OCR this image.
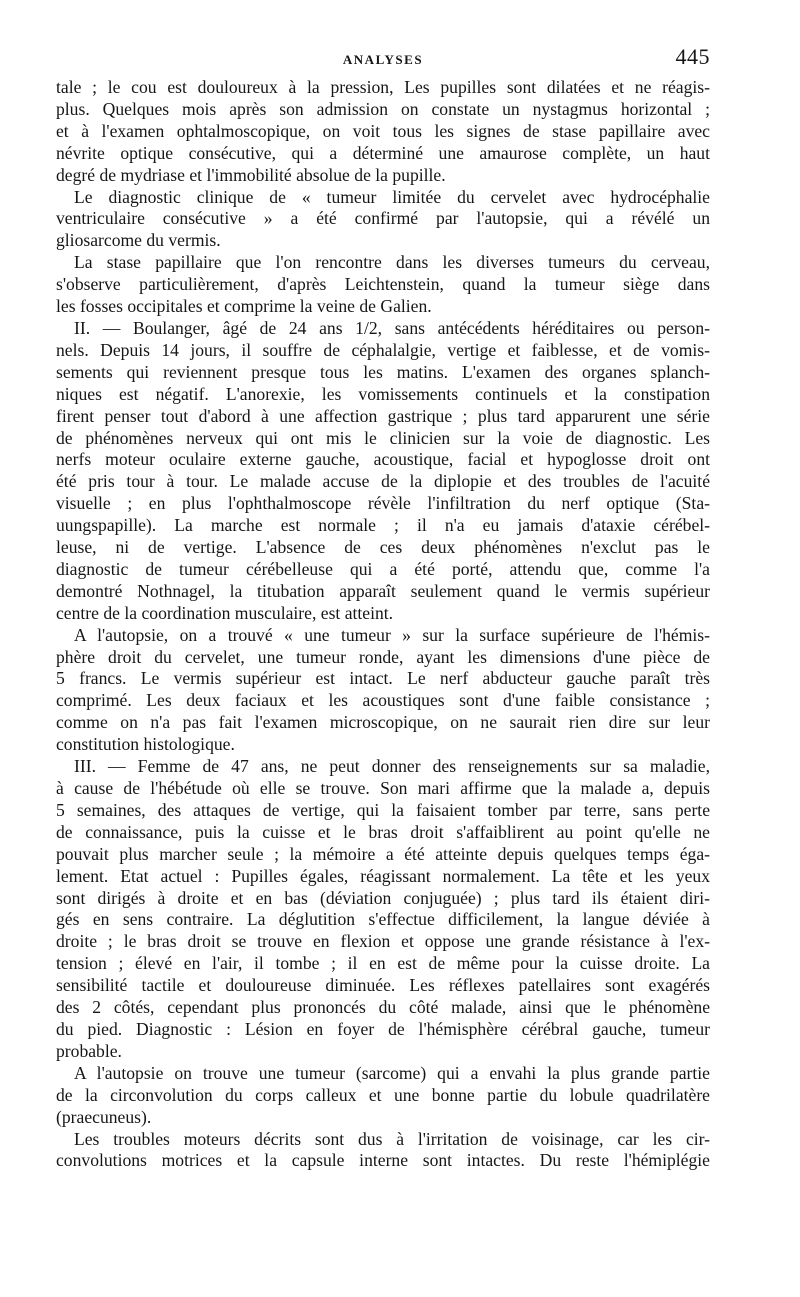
ANALYSES	445
tale ; le cou est douloureux à la pression, Les pupilles sont dilatées et ne réagis-
plus. Quelques mois après son admission on constate un nystagmus horizontal ;
et à l'examen ophtalmoscopique, on voit tous les signes de stase papillaire avec
névrite optique consécutive, qui a déterminé une amaurose complète, un haut
degré de mydriase et l'immobilité absolue de la pupille.
Le diagnostic clinique de « tumeur limitée du cervelet avec hydrocéphalie
ventriculaire consécutive » a été confirmé par l'autopsie, qui a révélé un
gliosarcome du vermis.
La stase papillaire que l'on rencontre dans les diverses tumeurs du cerveau,
s'observe particulièrement, d'après Leichtenstein, quand la tumeur siège dans
les fosses occipitales et comprime la veine de Galien.
II. — Boulanger, âgé de 24 ans 1/2, sans antécédents héréditaires ou person-
nels. Depuis 14 jours, il souffre de céphalalgie, vertige et faiblesse, et de vomis-
sements qui reviennent presque tous les matins. L'examen des organes splanch-
niques est négatif. L'anorexie, les vomissements continuels et la constipation
firent penser tout d'abord à une affection gastrique ; plus tard apparurent une série
de phénomènes nerveux qui ont mis le clinicien sur la voie de diagnostic. Les
nerfs moteur oculaire externe gauche, acoustique, facial et hypoglosse droit ont
été pris tour à tour. Le malade accuse de la diplopie et des troubles de l'acuité
visuelle ; en plus l'ophthalmoscope révèle l'infiltration du nerf optique (Sta-
uungspapille). La marche est normale ; il n'a eu jamais d'ataxie cérébel-
leuse, ni de vertige. L'absence de ces deux phénomènes n'exclut pas le
diagnostic de tumeur cérébelleuse qui a été porté, attendu que, comme l'a
demontré Nothnagel, la titubation apparaît seulement quand le vermis supérieur
centre de la coordination musculaire, est atteint.
A l'autopsie, on a trouvé « une tumeur » sur la surface supérieure de l'hémis-
phère droit du cervelet, une tumeur ronde, ayant les dimensions d'une pièce de
5 francs. Le vermis supérieur est intact. Le nerf abducteur gauche paraît très
comprimé. Les deux faciaux et les acoustiques sont d'une faible consistance ;
comme on n'a pas fait l'examen microscopique, on ne saurait rien dire sur leur
constitution histologique.
III. — Femme de 47 ans, ne peut donner des renseignements sur sa maladie,
à cause de l'hébétude où elle se trouve. Son mari affirme que la malade a, depuis
5 semaines, des attaques de vertige, qui la faisaient tomber par terre, sans perte
de connaissance, puis la cuisse et le bras droit s'affaiblirent au point qu'elle ne
pouvait plus marcher seule ; la mémoire a été atteinte depuis quelques temps éga-
lement. Etat actuel : Pupilles égales, réagissant normalement. La tête et les yeux
sont dirigés à droite et en bas (déviation conjuguée) ; plus tard ils étaient diri-
gés en sens contraire. La déglutition s'effectue difficilement, la langue déviée à
droite ; le bras droit se trouve en flexion et oppose une grande résistance à l'ex-
tension ; élevé en l'air, il tombe ; il en est de même pour la cuisse droite. La
sensibilité tactile et douloureuse diminuée. Les réflexes patellaires sont exagérés
des 2 côtés, cependant plus prononcés du côté malade, ainsi que le phénomène
du pied. Diagnostic : Lésion en foyer de l'hémisphère cérébral gauche, tumeur
probable.
A l'autopsie on trouve une tumeur (sarcome) qui a envahi la plus grande partie
de la circonvolution du corps calleux et une bonne partie du lobule quadrilatère
(praecuneus).
Les troubles moteurs décrits sont dus à l'irritation de voisinage, car les cir-
convolutions motrices et la capsule interne sont intactes. Du reste l'hémiplégie
